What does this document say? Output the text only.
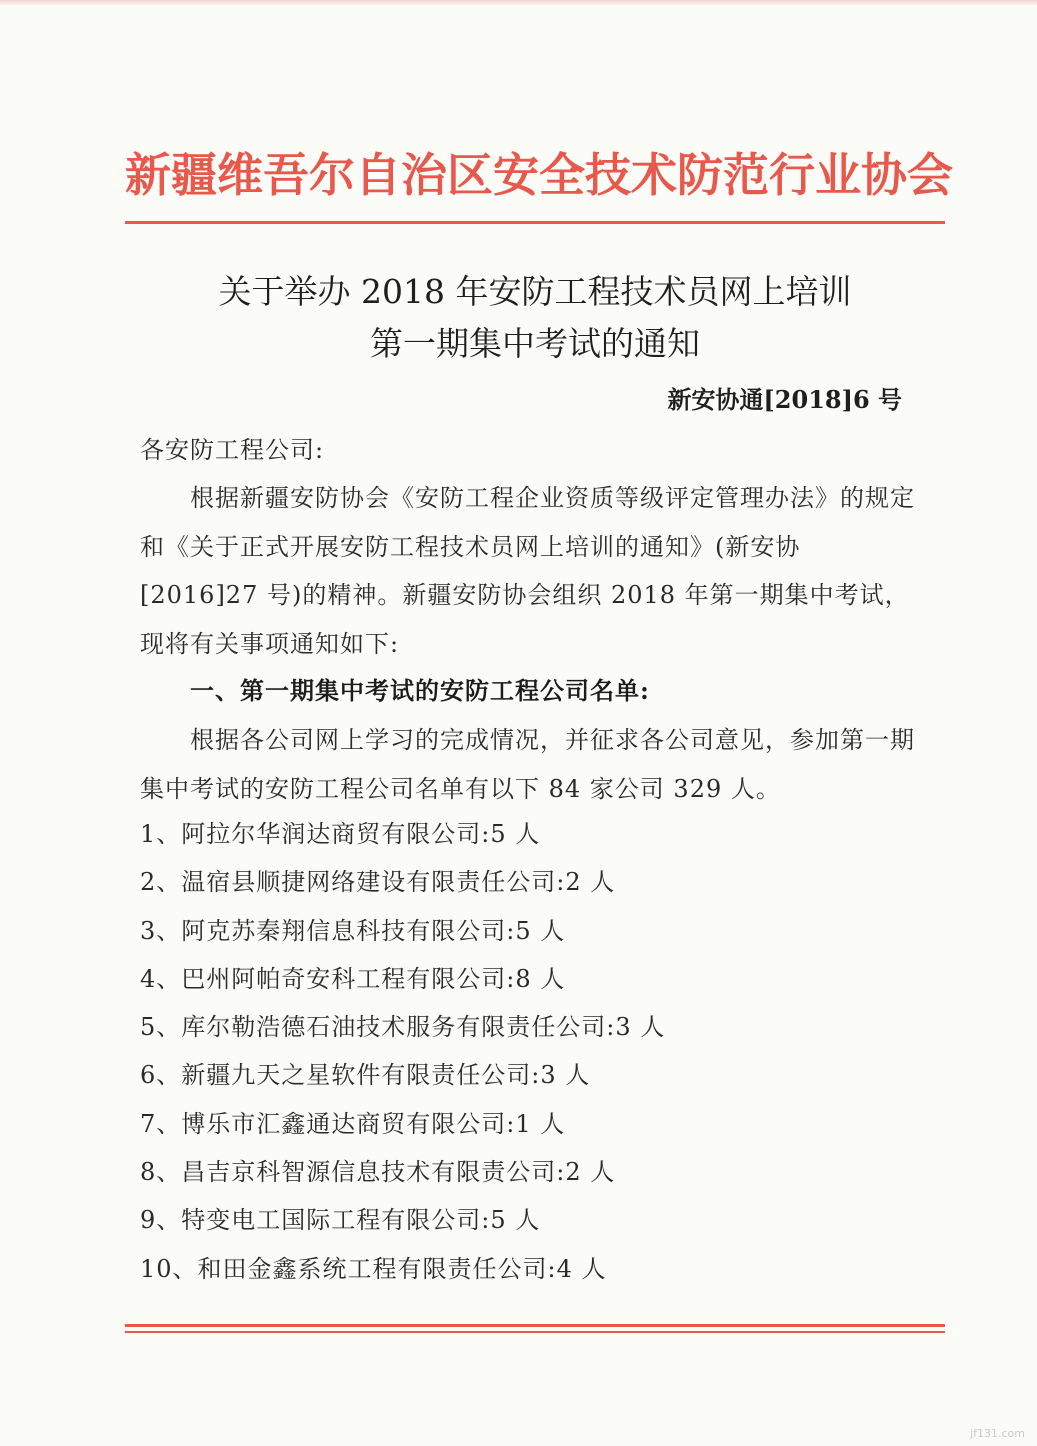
新疆维吾尔自治区安全技术防范行业协会
关于举办 2018 年安防工程技术员网上培训
第一期集中考试的通知
新安协通[2018]6 号
各安防工程公司:
根据新疆安防协会《安防工程企业资质等级评定管理办法》的规定和《关于正式开展安防工程技术员网上培训的通知》(新安协[2016]27 号)的精神。新疆安防协会组织 2018 年第一期集中考试，现将有关事项通知如下:
一、第一期集中考试的安防工程公司名单:
根据各公司网上学习的完成情况，并征求各公司意见，参加第一期集中考试的安防工程公司名单有以下 84 家公司 329 人。
1、阿拉尔华润达商贸有限公司:5 人
2、温宿县顺捷网络建设有限责任公司:2 人
3、阿克苏秦翔信息科技有限公司:5 人
4、巴州阿帕奇安科工程有限公司:8 人
5、库尔勒浩德石油技术服务有限责任公司:3 人
6、新疆九天之星软件有限责任公司:3 人
7、博乐市汇鑫通达商贸有限公司:1 人
8、昌吉京科智源信息技术有限责公司:2 人
9、特变电工国际工程有限公司:5 人
10、和田金鑫系统工程有限责任公司:4 人
jf131.com
